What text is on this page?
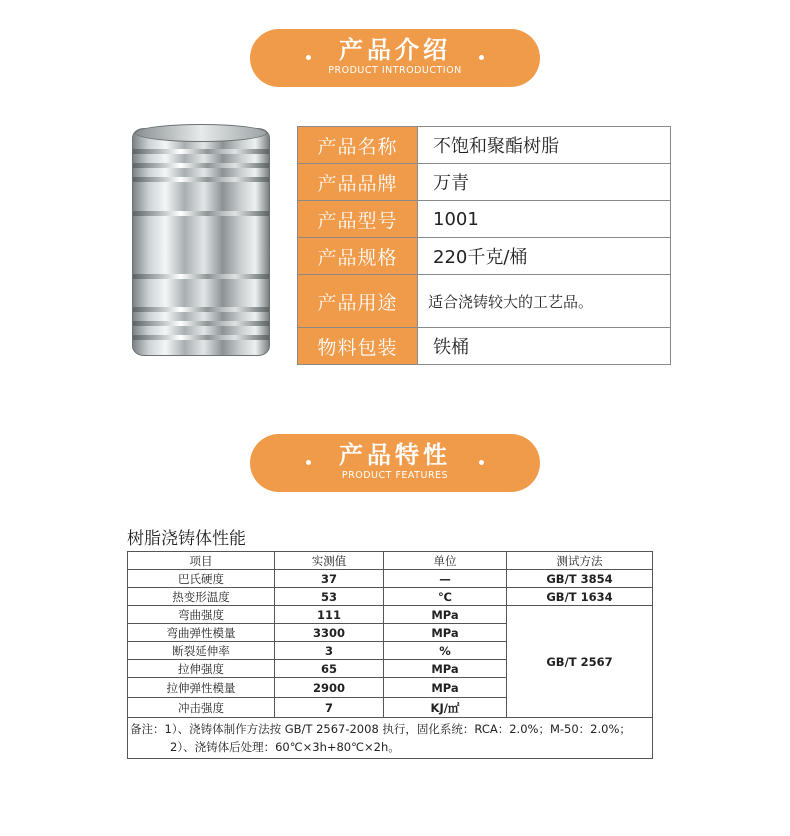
产品介绍
PRODUCT INTRODUCTION
产品名称	不饱和聚酯树脂
产品品牌	万青
产品型号	1001
产品规格	220千克/桶
产品用途	适合浇铸较大的工艺品。
物料包装	铁桶
产品特性
PRODUCT FEATURES
树脂浇铸体性能
项目	实测值	单位	测试方法
巴氏硬度	37	—	GB/T 3854
热变形温度	53	℃	GB/T 1634
弯曲强度	111	MPa	GB/T 2567
弯曲弹性模量	3300	MPa	
断裂延伸率	3	%	
拉伸强度	65	MPa	
拉伸弹性模量	2900	MPa	
冲击强度	7	KJ/㎡	
备注：1）、浇铸体制作方法按 GB/T 2567-2008 执行，固化系统：RCA：2.0%；M-50：2.0%；
2）、浇铸体后处理：60℃×3h+80℃×2h。			
